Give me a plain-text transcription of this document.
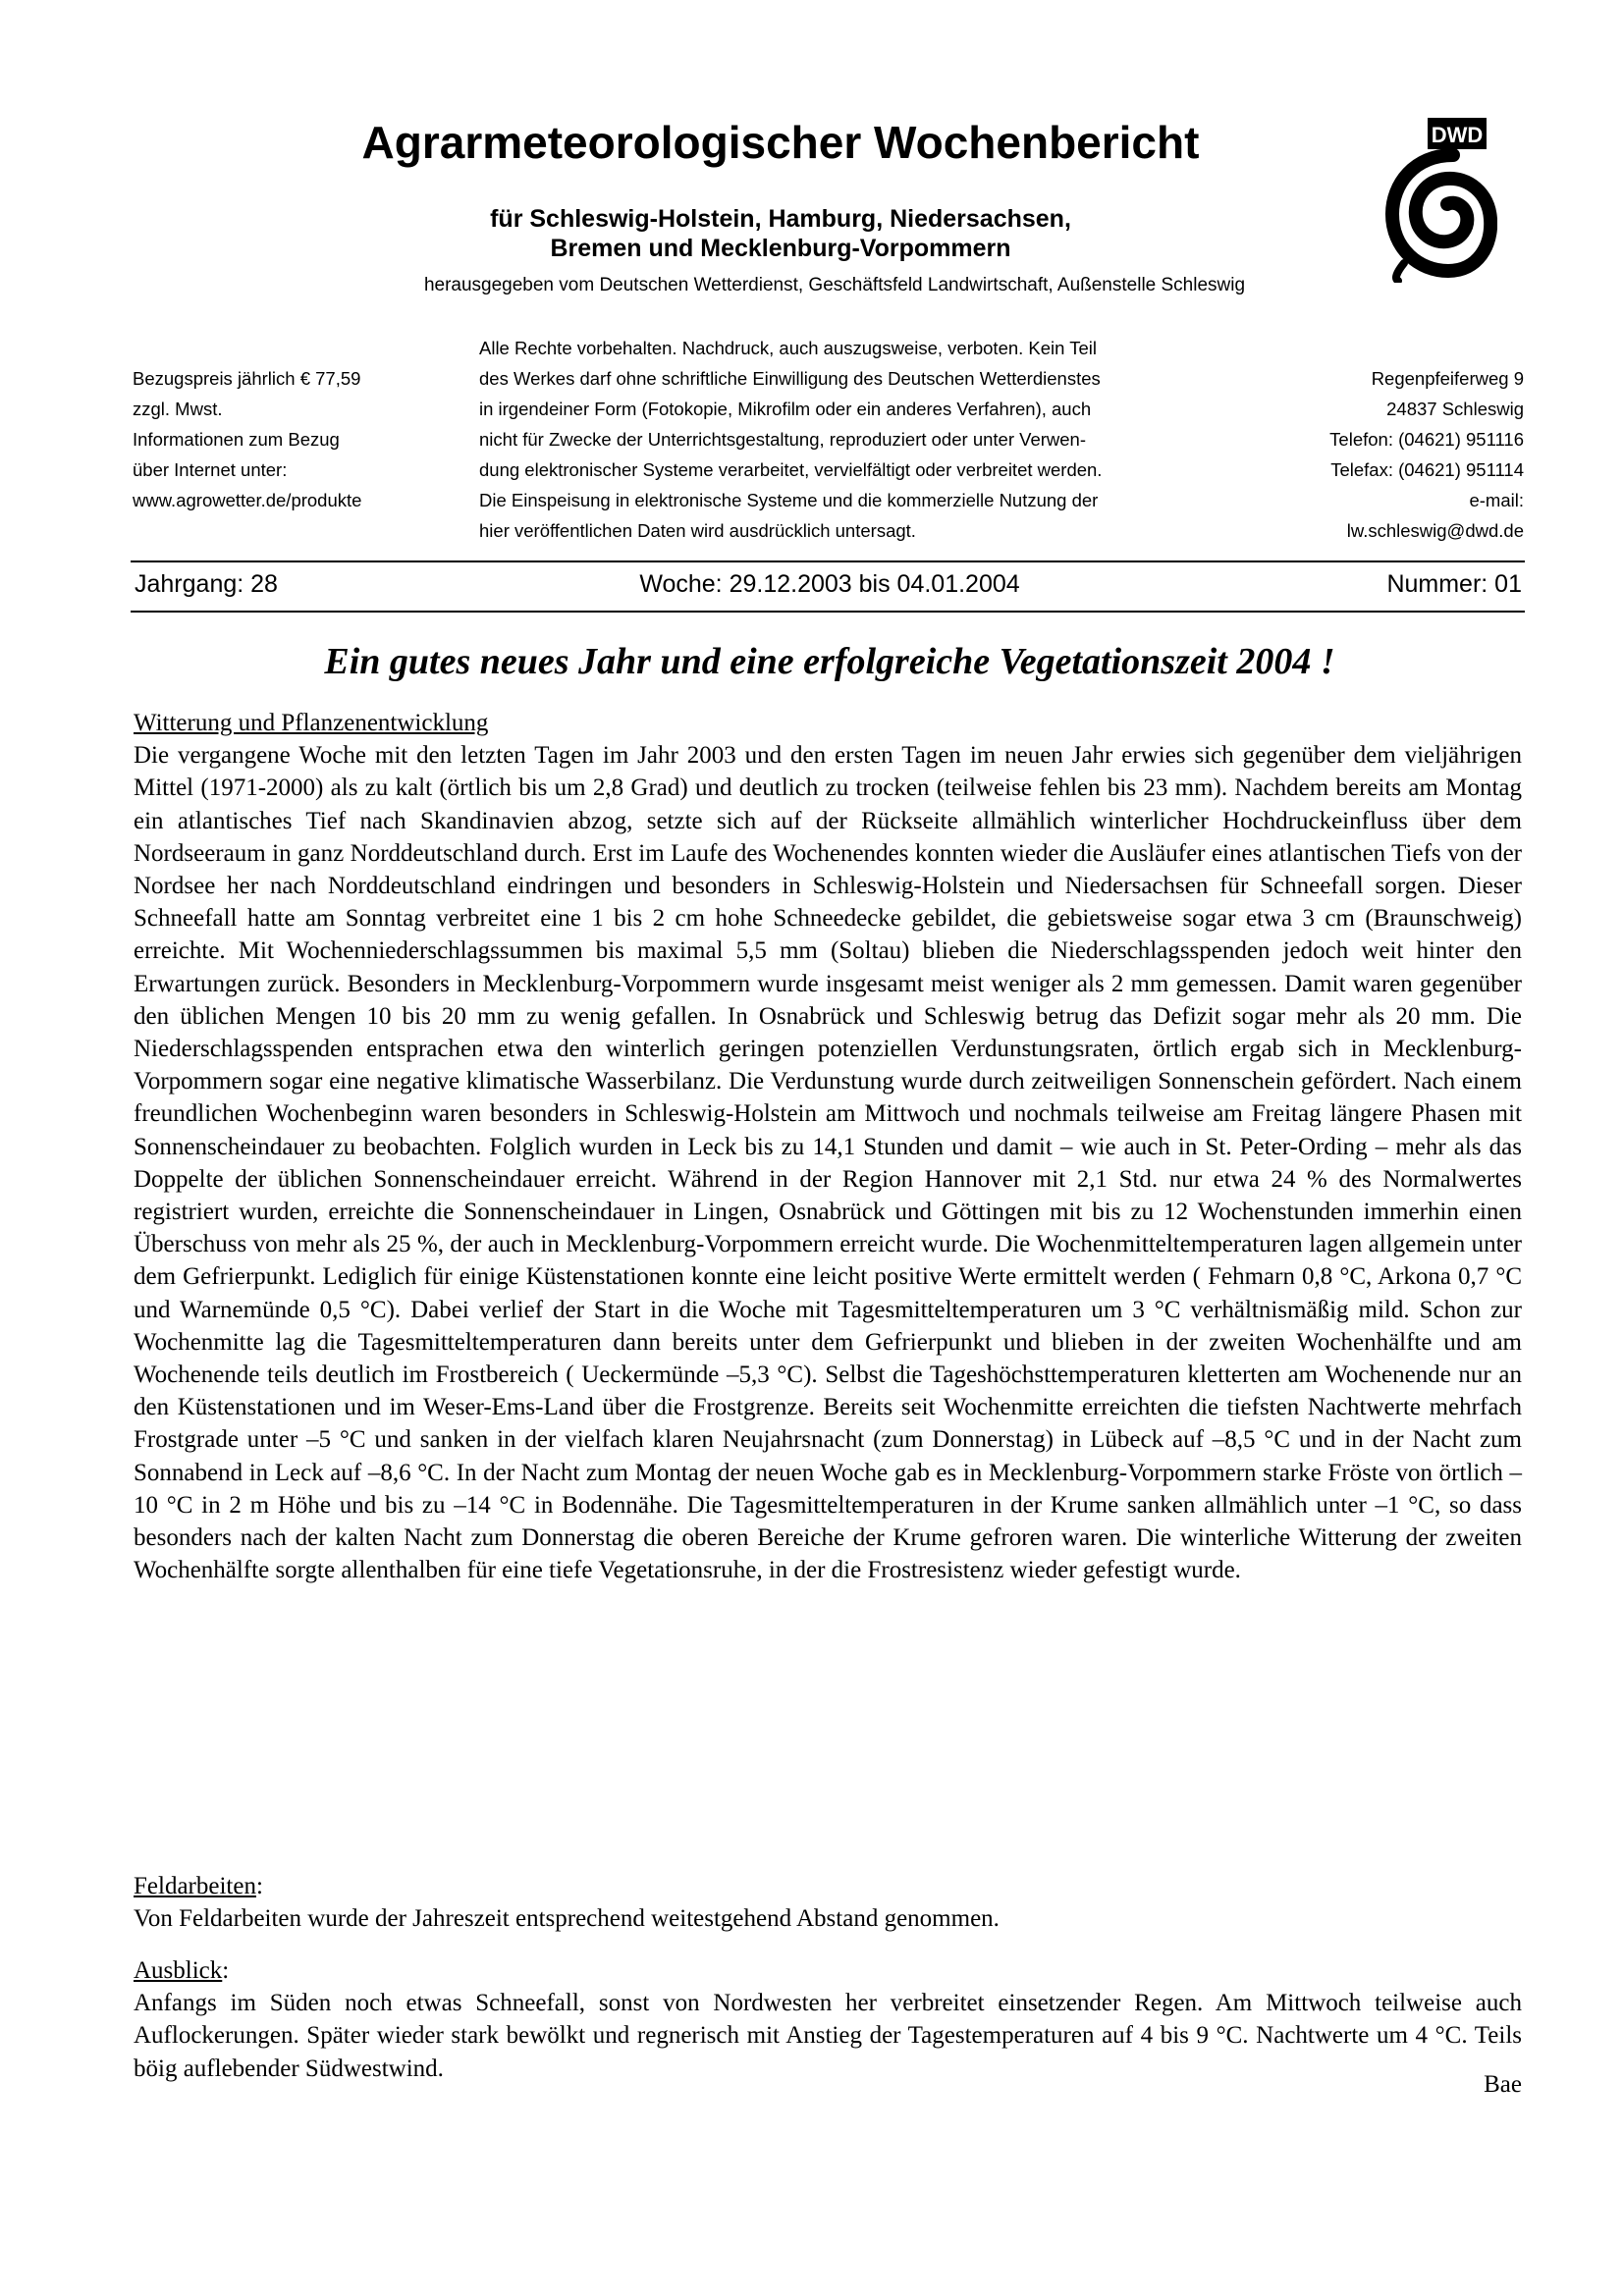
Agrarmeteorologischer Wochenbericht
für Schleswig-Holstein, Hamburg, Niedersachsen,
Bremen und Mecklenburg-Vorpommern
herausgegeben vom Deutschen Wetterdienst, Geschäftsfeld Landwirtschaft, Außenstelle Schleswig
DWD
Bezugspreis jährlich € 77,59
zzgl. Mwst.
Informationen zum Bezug
über Internet unter:
www.agrowetter.de/produkte
Alle Rechte vorbehalten. Nachdruck, auch auszugsweise, verboten. Kein Teil
des Werkes darf ohne schriftliche Einwilligung des Deutschen Wetterdienstes
in irgendeiner Form (Fotokopie, Mikrofilm oder ein anderes Verfahren), auch
nicht für Zwecke der Unterrichtsgestaltung, reproduziert oder unter Verwen-
dung elektronischer Systeme verarbeitet, vervielfältigt oder verbreitet werden.
Die Einspeisung in elektronische Systeme und die kommerzielle Nutzung der
hier veröffentlichen Daten wird ausdrücklich untersagt.
Regenpfeiferweg 9
24837 Schleswig
Telefon: (04621) 951116
Telefax: (04621) 951114
e-mail:
lw.schleswig@dwd.de
Jahrgang: 28	Woche: 29.12.2003 bis 04.01.2004	Nummer: 01
Ein gutes neues Jahr und eine erfolgreiche Vegetationszeit 2004 !
Witterung und Pflanzenentwicklung
Die vergangene Woche mit den letzten Tagen im Jahr 2003 und den ersten Tagen im neuen Jahr erwies sich gegenüber dem vieljährigen Mittel (1971-2000) als zu kalt (örtlich bis um 2,8 Grad) und deutlich zu trocken (teilweise fehlen bis 23 mm). Nachdem bereits am Montag ein atlantisches Tief nach Skandinavien abzog, setzte sich auf der Rückseite allmählich winterlicher Hochdruckeinfluss über dem Nordseeraum in ganz Norddeutschland durch. Erst im Laufe des Wochenendes konnten wieder die Ausläufer eines atlantischen Tiefs von der Nordsee her nach Norddeutschland eindringen und besonders in Schleswig-Holstein und Niedersachsen für Schneefall sorgen. Dieser Schneefall hatte am Sonntag verbreitet eine 1 bis 2 cm hohe Schneedecke gebildet, die gebietsweise sogar etwa 3 cm (Braunschweig) erreichte. Mit Wochenniederschlagssummen bis maximal 5,5 mm (Soltau) blieben die Niederschlagsspenden jedoch weit hinter den Erwartungen zurück. Besonders in Mecklenburg-Vorpommern wurde insgesamt meist weniger als 2 mm gemessen. Damit waren gegenüber den üblichen Mengen 10 bis 20 mm zu wenig gefallen. In Osnabrück und Schleswig betrug das Defizit sogar mehr als 20 mm. Die Niederschlagsspenden entsprachen etwa den winterlich geringen potenziellen Verdunstungsraten, örtlich ergab sich in Mecklenburg-Vorpommern sogar eine negative klimatische Wasserbilanz. Die Verdunstung wurde durch zeitweiligen Sonnenschein gefördert. Nach einem freundlichen Wochenbeginn waren besonders in Schleswig-Holstein am Mittwoch und nochmals teilweise am Freitag längere Phasen mit Sonnenscheindauer zu beobachten. Folglich wurden in Leck bis zu 14,1 Stunden und damit – wie auch in St. Peter-Ording – mehr als das Doppelte der üblichen Sonnenscheindauer erreicht. Während in der Region Hannover mit 2,1 Std. nur etwa 24 % des Normalwertes registriert wurden, erreichte die Sonnenscheindauer in Lingen, Osnabrück und Göttingen mit bis zu 12 Wochenstunden immerhin einen Überschuss von mehr als 25 %, der auch in Mecklenburg-Vorpommern erreicht wurde. Die Wochenmitteltemperaturen lagen allgemein unter dem Gefrierpunkt. Lediglich für einige Küstenstationen konnte eine leicht positive Werte ermittelt werden ( Fehmarn 0,8 °C, Arkona 0,7 °C und Warnemünde 0,5 °C). Dabei verlief der Start in die Woche mit Tagesmitteltemperaturen um 3 °C verhältnismäßig mild. Schon zur Wochenmitte lag die Tagesmitteltemperaturen dann bereits unter dem Gefrierpunkt und blieben in der zweiten Wochenhälfte und am Wochenende teils deutlich im Frostbereich ( Ueckermünde –5,3 °C). Selbst die Tageshöchsttemperaturen kletterten am Wochenende nur an den Küstenstationen und im Weser-Ems-Land über die Frostgrenze. Bereits seit Wochenmitte erreichten die tiefsten Nachtwerte mehrfach Frostgrade unter –5 °C und sanken in der vielfach klaren Neujahrsnacht (zum Donnerstag) in Lübeck auf –8,5 °C und in der Nacht zum Sonnabend in Leck auf –8,6 °C. In der Nacht zum Montag der neuen Woche gab es in Mecklenburg-Vorpommern starke Fröste von örtlich –10 °C in 2 m Höhe und bis zu –14 °C in Bodennähe. Die Tagesmitteltemperaturen in der Krume sanken allmählich unter –1 °C, so dass besonders nach der kalten Nacht zum Donnerstag die oberen Bereiche der Krume gefroren waren. Die winterliche Witterung der zweiten Wochenhälfte sorgte allenthalben für eine tiefe Vegetationsruhe, in der die Frostresistenz wieder gefestigt wurde.
Feldarbeiten:
Von Feldarbeiten wurde der Jahreszeit entsprechend weitestgehend Abstand genommen.
Ausblick:
Anfangs im Süden noch etwas Schneefall, sonst von Nordwesten her verbreitet einsetzender Regen. Am Mittwoch teilweise auch Auflockerungen. Später wieder stark bewölkt und regnerisch mit Anstieg der Tagestemperaturen auf 4 bis 9 °C. Nachtwerte um 4 °C. Teils böig auflebender Südwestwind.
Bae
